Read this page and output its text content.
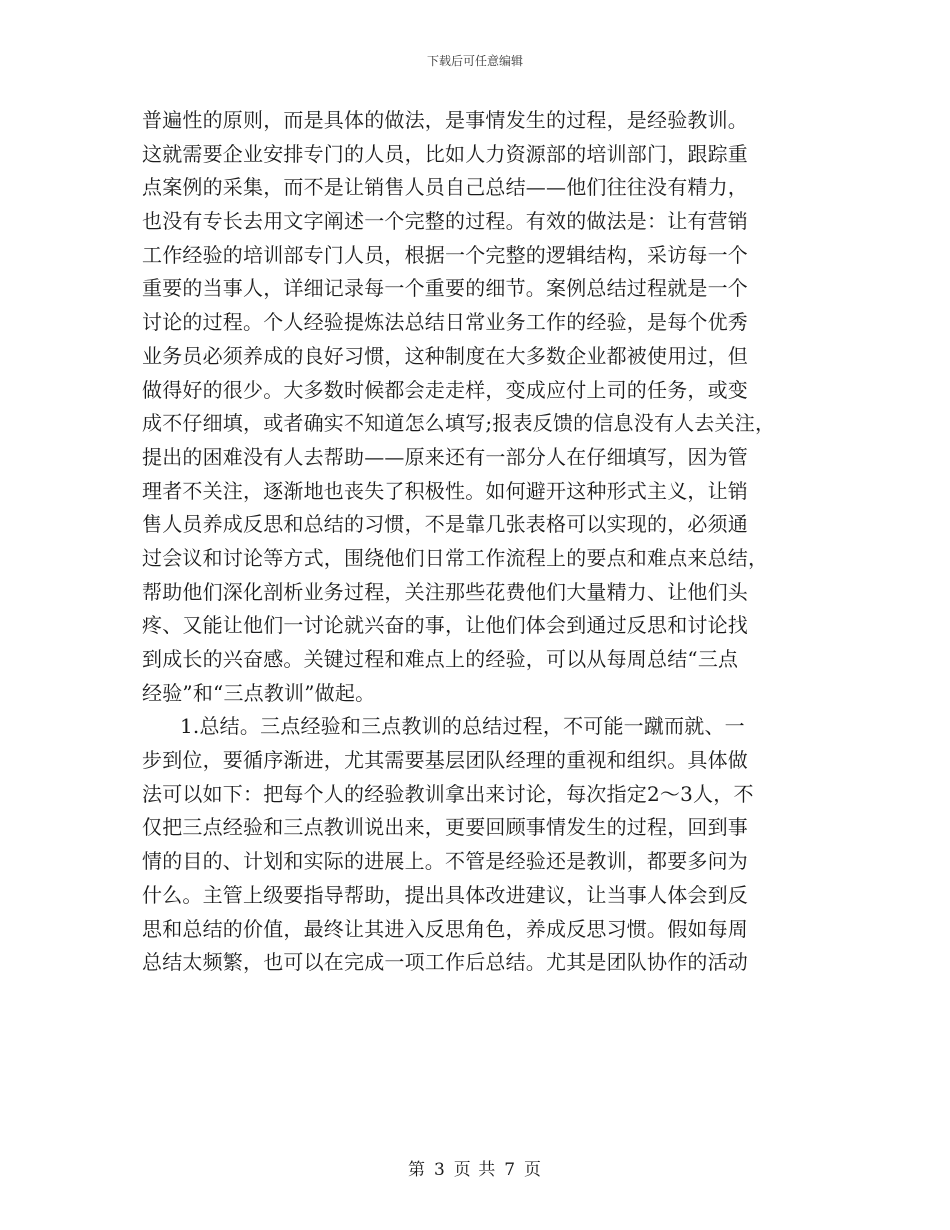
下载后可任意编辑
普遍性的原则，而是具体的做法，是事情发生的过程，是经验教训。
这就需要企业安排专门的人员，比如人力资源部的培训部门，跟踪重
点案例的采集，而不是让销售人员自己总结——他们往往没有精力，
也没有专长去用文字阐述一个完整的过程。有效的做法是：让有营销
工作经验的培训部专门人员，根据一个完整的逻辑结构，采访每一个
重要的当事人，详细记录每一个重要的细节。案例总结过程就是一个
讨论的过程。个人经验提炼法总结日常业务工作的经验，是每个优秀
业务员必须养成的良好习惯，这种制度在大多数企业都被使用过，但
做得好的很少。大多数时候都会走走样，变成应付上司的任务，或变
成不仔细填，或者确实不知道怎么填写;报表反馈的信息没有人去关注，
提出的困难没有人去帮助——原来还有一部分人在仔细填写，因为管
理者不关注，逐渐地也丧失了积极性。如何避开这种形式主义，让销
售人员养成反思和总结的习惯，不是靠几张表格可以实现的，必须通
过会议和讨论等方式，围绕他们日常工作流程上的要点和难点来总结，
帮助他们深化剖析业务过程，关注那些花费他们大量精力、让他们头
疼、又能让他们一讨论就兴奋的事，让他们体会到通过反思和讨论找
到成长的兴奋感。关键过程和难点上的经验，可以从每周总结“三点
经验”和“三点教训”做起。
1.总结。三点经验和三点教训的总结过程，不可能一蹴而就、一
步到位，要循序渐进，尤其需要基层团队经理的重视和组织。具体做
法可以如下：把每个人的经验教训拿出来讨论，每次指定2～3人，不
仅把三点经验和三点教训说出来，更要回顾事情发生的过程，回到事
情的目的、计划和实际的进展上。不管是经验还是教训，都要多问为
什么。主管上级要指导帮助，提出具体改进建议，让当事人体会到反
思和总结的价值，最终让其进入反思角色，养成反思习惯。假如每周
总结太频繁，也可以在完成一项工作后总结。尤其是团队协作的活动
第 3 页 共 7 页
